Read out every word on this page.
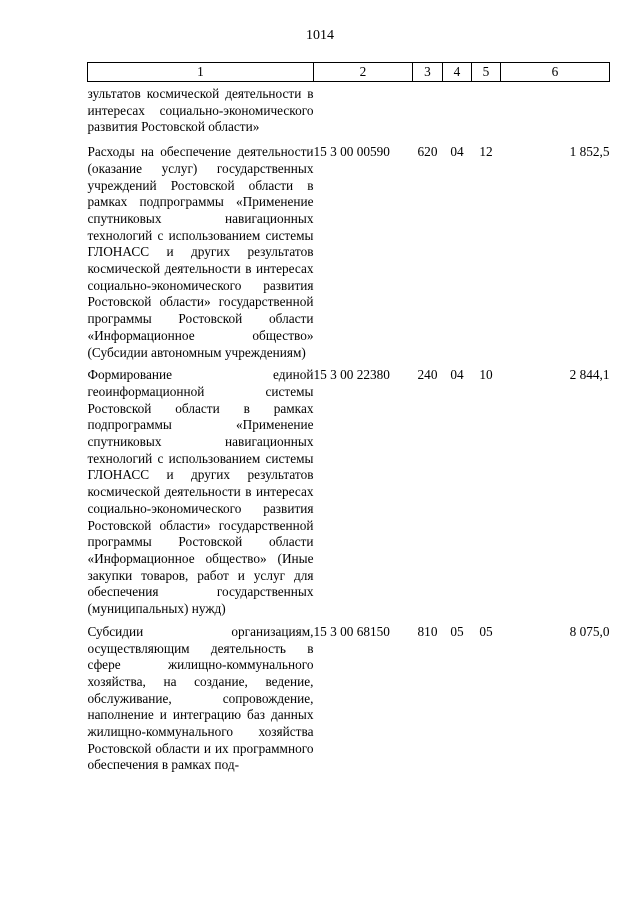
1014
1	2	3	4	5	6
зультатов космической деятельности в интересах социально-экономического развития Ростовской области»					
Расходы на обеспечение деятельности (оказание услуг) государственных учреждений Ростовской области в рамках подпрограммы «Применение спутниковых навигационных технологий с использованием системы ГЛОНАСС и других результатов космической деятельности в интересах социально-экономического развития Ростовской области» государственной программы Ростовской области «Информационное общество» (Субсидии автономным учреждениям)	15 3 00 00590	620	04	12	1 852,5
Формирование единой геоинформационной системы Ростовской области в рамках подпрограммы «Применение спутниковых навигационных технологий с использованием системы ГЛОНАСС и других результатов космической деятельности в интересах социально-экономического развития Ростовской области» государственной программы Ростовской области «Информационное общество» (Иные закупки товаров, работ и услуг для обеспечения государственных (муниципальных) нужд)	15 3 00 22380	240	04	10	2 844,1
Субсидии организациям, осуществляющим деятельность в сфере жилищно-коммунального хозяйства, на создание, ведение, обслуживание, сопровождение, наполнение и интеграцию баз данных жилищно-коммунального хозяйства Ростовской области и их программного обеспечения в рамках под-	15 3 00 68150	810	05	05	8 075,0
